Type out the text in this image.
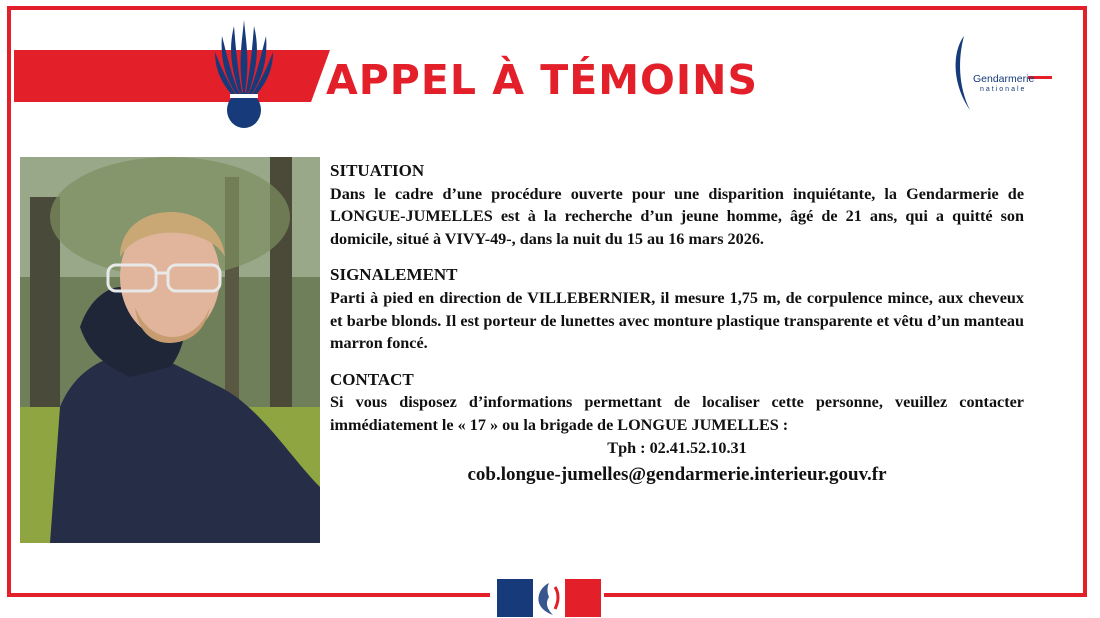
APPEL À TÉMOINS	Gendarmerie
nationale

SITUATION

Dans le cadre d’une procédure ouverte pour une disparition inquiétante, la Gendarmerie de LONGUE-JUMELLES est à la recherche d’un jeune homme, âgé de 21 ans, qui a quitté son domicile, situé à VIVY-49-, dans la nuit du 15 au 16 mars 2026.

SIGNALEMENT

Parti à pied en direction de VILLEBERNIER, il mesure 1,75 m, de corpulence mince, aux cheveux et barbe blonds. Il est porteur de lunettes avec monture plastique transparente et vêtu d’un manteau marron foncé.

CONTACT

Si vous disposez d’informations permettant de localiser cette personne, veuillez contacter immédiatement le « 17 » ou la brigade de LONGUE JUMELLES :

Tph : 02.41.52.10.31

cob.longue-jumelles@gendarmerie.interieur.gouv.fr
